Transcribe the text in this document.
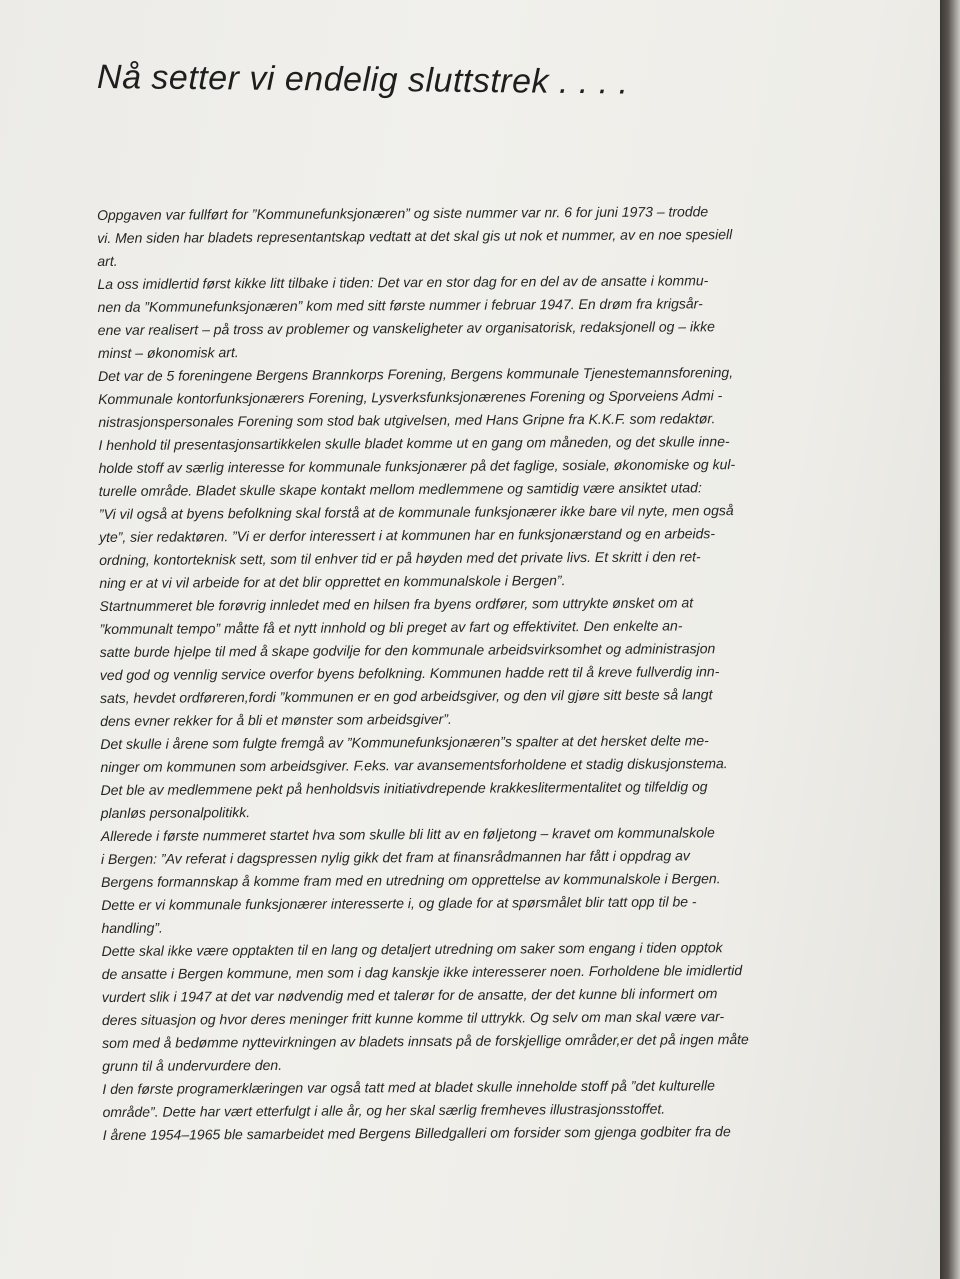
Nå setter vi endelig sluttstrek . . . .
Oppgaven var fullført for ”Kommunefunksjonæren” og siste nummer var nr. 6 for juni 1973 – trodde
vi. Men siden har bladets representantskap vedtatt at det skal gis ut nok et nummer, av en noe spesiell
art.
La oss imidlertid først kikke litt tilbake i tiden: Det var en stor dag for en del av de ansatte i kommu-
nen da ”Kommunefunksjonæren” kom med sitt første nummer i februar 1947. En drøm fra krigsår-
ene var realisert – på tross av problemer og vanskeligheter av organisatorisk, redaksjonell og – ikke
minst – økonomisk art.
Det var de 5 foreningene Bergens Brannkorps Forening, Bergens kommunale Tjenestemannsforening,
Kommunale kontorfunksjonærers Forening, Lysverksfunksjonærenes Forening og Sporveiens Admi -
nistrasjonspersonales Forening som stod bak utgivelsen, med Hans Gripne fra K.K.F. som redaktør.
I henhold til presentasjonsartikkelen skulle bladet komme ut en gang om måneden, og det skulle inne-
holde stoff av særlig interesse for kommunale funksjonærer på det faglige, sosiale, økonomiske og kul-
turelle område. Bladet skulle skape kontakt mellom medlemmene og samtidig være ansiktet utad:
”Vi vil også at byens befolkning skal forstå at de kommunale funksjonærer ikke bare vil nyte, men også
yte”, sier redaktøren. ”Vi er derfor interessert i at kommunen har en funksjonærstand og en arbeids-
ordning, kontorteknisk sett, som til enhver tid er på høyden med det private livs. Et skritt i den ret-
ning er at vi vil arbeide for at det blir opprettet en kommunalskole i Bergen”.
Startnummeret ble forøvrig innledet med en hilsen fra byens ordfører, som uttrykte ønsket om at
”kommunalt tempo” måtte få et nytt innhold og bli preget av fart og effektivitet. Den enkelte an-
satte burde hjelpe til med å skape godvilje for den kommunale arbeidsvirksomhet og administrasjon
ved god og vennlig service overfor byens befolkning. Kommunen hadde rett til å kreve fullverdig inn-
sats, hevdet ordføreren,fordi ”kommunen er en god arbeidsgiver, og den vil gjøre sitt beste så langt
dens evner rekker for å bli et mønster som arbeidsgiver”.
Det skulle i årene som fulgte fremgå av ”Kommunefunksjonæren”s spalter at det hersket delte me-
ninger om kommunen som arbeidsgiver. F.eks. var avansementsforholdene et stadig diskusjonstema.
Det ble av medlemmene pekt på henholdsvis initiativdrepende krakkeslitermentalitet og tilfeldig og
planløs personalpolitikk.
Allerede i første nummeret startet hva som skulle bli litt av en føljetong – kravet om kommunalskole
i Bergen: ”Av referat i dagspressen nylig gikk det fram at finansrådmannen har fått i oppdrag av
Bergens formannskap å komme fram med en utredning om opprettelse av kommunalskole i Bergen.
Dette er vi kommunale funksjonærer interesserte i, og glade for at spørsmålet blir tatt opp til be -
handling”.
Dette skal ikke være opptakten til en lang og detaljert utredning om saker som engang i tiden opptok
de ansatte i Bergen kommune, men som i dag kanskje ikke interesserer noen. Forholdene ble imidlertid
vurdert slik i 1947 at det var nødvendig med et talerør for de ansatte, der det kunne bli informert om
deres situasjon og hvor deres meninger fritt kunne komme til uttrykk. Og selv om man skal være var-
som med å bedømme nyttevirkningen av bladets innsats på de forskjellige områder,er det på ingen måte
grunn til å undervurdere den.
I den første programerklæringen var også tatt med at bladet skulle inneholde stoff på ”det kulturelle
område”. Dette har vært etterfulgt i alle år, og her skal særlig fremheves illustrasjonsstoffet.
I årene 1954–1965 ble samarbeidet med Bergens Billedgalleri om forsider som gjenga godbiter fra de
